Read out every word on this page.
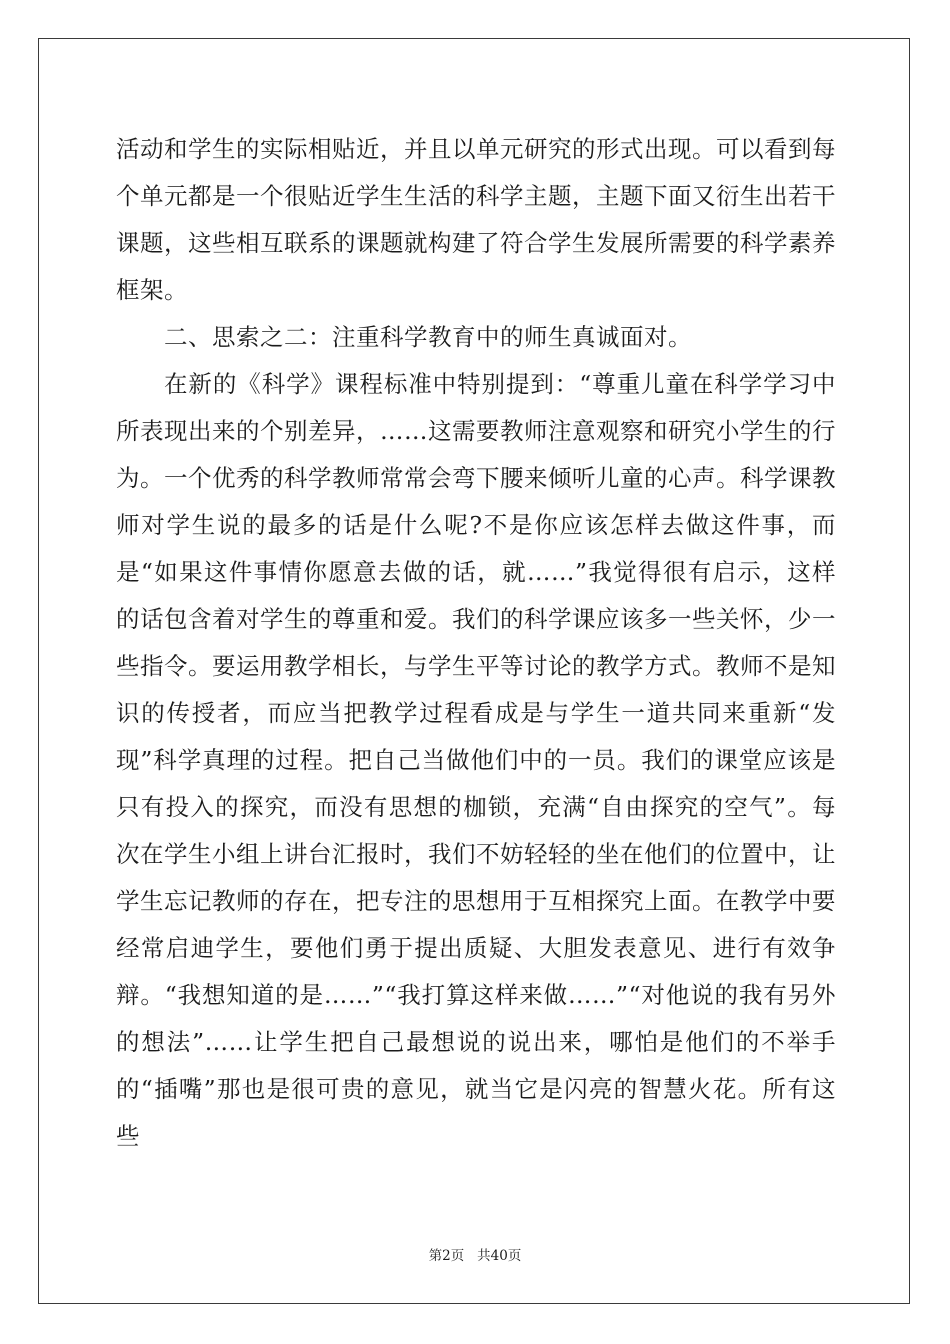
活动和学生的实际相贴近，并且以单元研究的形式出现。可以看到每个单元都是一个很贴近学生生活的科学主题，主题下面又衍生出若干课题，这些相互联系的课题就构建了符合学生发展所需要的科学素养框架。

二、思索之二：注重科学教育中的师生真诚面对。

在新的《科学》课程标准中特别提到：“尊重儿童在科学学习中所表现出来的个别差异，……这需要教师注意观察和研究小学生的行为。一个优秀的科学教师常常会弯下腰来倾听儿童的心声。科学课教师对学生说的最多的话是什么呢?不是你应该怎样去做这件事，而是“如果这件事情你愿意去做的话，就……”我觉得很有启示，这样的话包含着对学生的尊重和爱。我们的科学课应该多一些关怀，少一些指令。要运用教学相长，与学生平等讨论的教学方式。教师不是知识的传授者，而应当把教学过程看成是与学生一道共同来重新“发现”科学真理的过程。把自己当做他们中的一员。我们的课堂应该是只有投入的探究，而没有思想的枷锁，充满“自由探究的空气”。每次在学生小组上讲台汇报时，我们不妨轻轻的坐在他们的位置中，让学生忘记教师的存在，把专注的思想用于互相探究上面。在教学中要经常启迪学生，要他们勇于提出质疑、大胆发表意见、进行有效争辩。“我想知道的是……”“我打算这样来做……”“对他说的我有另外的想法”……让学生把自己最想说的说出来，哪怕是他们的不举手的“插嘴”那也是很可贵的意见，就当它是闪亮的智慧火花。所有这些

第2页 共40页
